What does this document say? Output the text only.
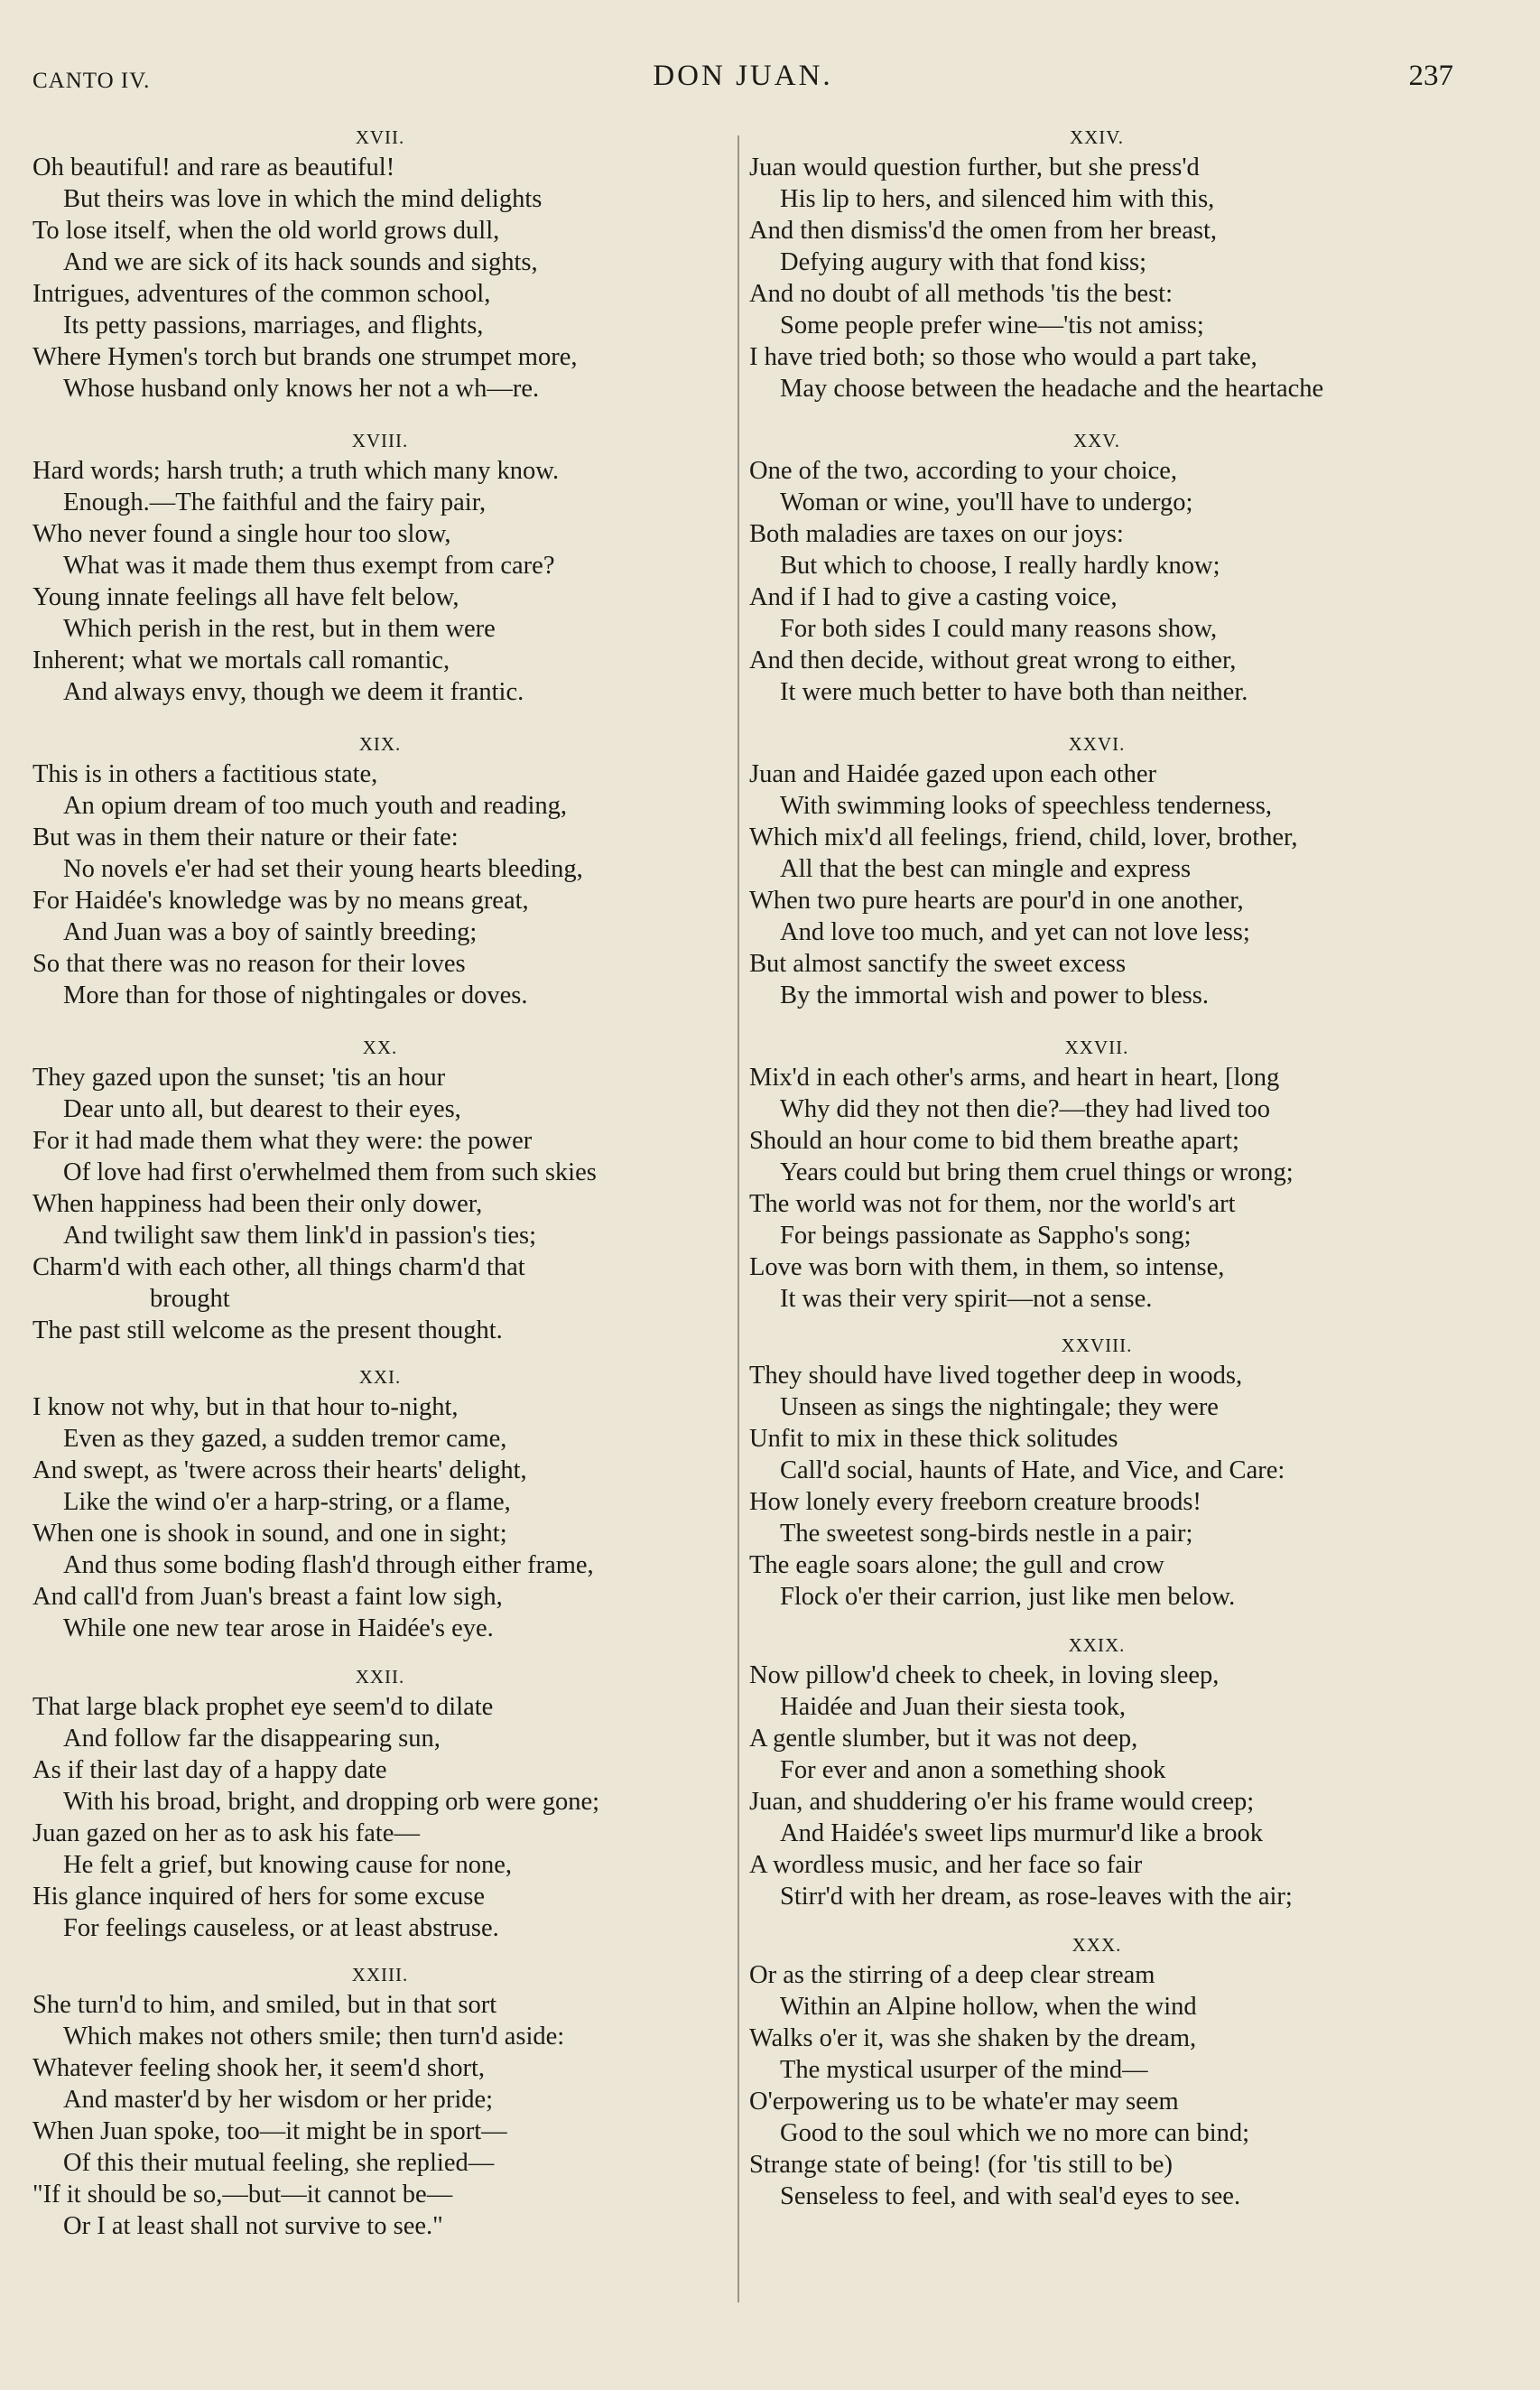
CANTO IV.	DON JUAN.	237
XVII.
Oh beautiful! and rare as beautiful!
But theirs was love in which the mind delights
To lose itself, when the old world grows dull,
And we are sick of its hack sounds and sights,
Intrigues, adventures of the common school,
Its petty passions, marriages, and flights,
Where Hymen's torch but brands one strumpet more,
Whose husband only knows her not a wh—re.
XVIII.
Hard words; harsh truth; a truth which many know.
Enough.—The faithful and the fairy pair,
Who never found a single hour too slow,
What was it made them thus exempt from care?
Young innate feelings all have felt below,
Which perish in the rest, but in them were
Inherent; what we mortals call romantic,
And always envy, though we deem it frantic.
XIX.
This is in others a factitious state,
An opium dream of too much youth and reading,
But was in them their nature or their fate:
No novels e'er had set their young hearts bleeding,
For Haidée's knowledge was by no means great,
And Juan was a boy of saintly breeding;
So that there was no reason for their loves
More than for those of nightingales or doves.
XX.
They gazed upon the sunset; 'tis an hour
Dear unto all, but dearest to their eyes,
For it had made them what they were: the power
Of love had first o'erwhelmed them from such skies
When happiness had been their only dower,
And twilight saw them link'd in passion's ties;
Charm'd with each other, all things charm'd that
brought
The past still welcome as the present thought.
XXI.
I know not why, but in that hour to-night,
Even as they gazed, a sudden tremor came,
And swept, as 'twere across their hearts' delight,
Like the wind o'er a harp-string, or a flame,
When one is shook in sound, and one in sight;
And thus some boding flash'd through either frame,
And call'd from Juan's breast a faint low sigh,
While one new tear arose in Haidée's eye.
XXII.
That large black prophet eye seem'd to dilate
And follow far the disappearing sun,
As if their last day of a happy date
With his broad, bright, and dropping orb were gone;
Juan gazed on her as to ask his fate—
He felt a grief, but knowing cause for none,
His glance inquired of hers for some excuse
For feelings causeless, or at least abstruse.
XXIII.
She turn'd to him, and smiled, but in that sort
Which makes not others smile; then turn'd aside:
Whatever feeling shook her, it seem'd short,
And master'd by her wisdom or her pride;
When Juan spoke, too—it might be in sport—
Of this their mutual feeling, she replied—
"If it should be so,—but—it cannot be—
Or I at least shall not survive to see."
XXIV.
Juan would question further, but she press'd
His lip to hers, and silenced him with this,
And then dismiss'd the omen from her breast,
Defying augury with that fond kiss;
And no doubt of all methods 'tis the best:
Some people prefer wine—'tis not amiss;
I have tried both; so those who would a part take,
May choose between the headache and the heartache
XXV.
One of the two, according to your choice,
Woman or wine, you'll have to undergo;
Both maladies are taxes on our joys:
But which to choose, I really hardly know;
And if I had to give a casting voice,
For both sides I could many reasons show,
And then decide, without great wrong to either,
It were much better to have both than neither.
XXVI.
Juan and Haidée gazed upon each other
With swimming looks of speechless tenderness,
Which mix'd all feelings, friend, child, lover, brother,
All that the best can mingle and express
When two pure hearts are pour'd in one another,
And love too much, and yet can not love less;
But almost sanctify the sweet excess
By the immortal wish and power to bless.
XXVII.
Mix'd in each other's arms, and heart in heart, [long
Why did they not then die?—they had lived too
Should an hour come to bid them breathe apart;
Years could but bring them cruel things or wrong;
The world was not for them, nor the world's art
For beings passionate as Sappho's song;
Love was born with them, in them, so intense,
It was their very spirit—not a sense.
XXVIII.
They should have lived together deep in woods,
Unseen as sings the nightingale; they were
Unfit to mix in these thick solitudes
Call'd social, haunts of Hate, and Vice, and Care:
How lonely every freeborn creature broods!
The sweetest song-birds nestle in a pair;
The eagle soars alone; the gull and crow
Flock o'er their carrion, just like men below.
XXIX.
Now pillow'd cheek to cheek, in loving sleep,
Haidée and Juan their siesta took,
A gentle slumber, but it was not deep,
For ever and anon a something shook
Juan, and shuddering o'er his frame would creep;
And Haidée's sweet lips murmur'd like a brook
A wordless music, and her face so fair
Stirr'd with her dream, as rose-leaves with the air;
XXX.
Or as the stirring of a deep clear stream
Within an Alpine hollow, when the wind
Walks o'er it, was she shaken by the dream,
The mystical usurper of the mind—
O'erpowering us to be whate'er may seem
Good to the soul which we no more can bind;
Strange state of being! (for 'tis still to be)
Senseless to feel, and with seal'd eyes to see.
